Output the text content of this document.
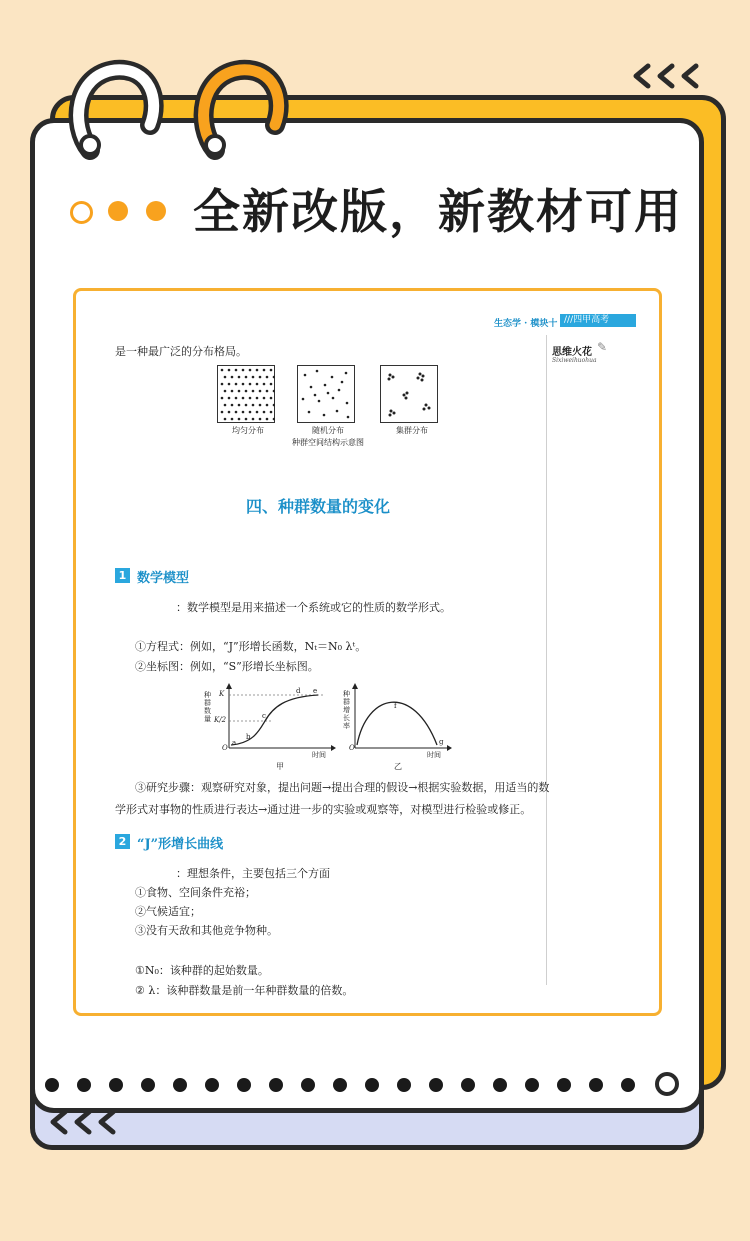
全新改版，新教材可用
生态学 · 模块十 ///四甲高考
思维火花
Sixiweihuohua
✎
是一种最广泛的分布格局。
均匀分布	随机分布	集群分布
种群空间结构示意图
四、种群数量的变化
1 数学模型
：数学模型是用来描述一个系统或它的性质的数学形式。
①方程式：例如，“J”形增长函数，Nₜ＝N₀ λᵗ。
②坐标图：例如，“S”形增长坐标图。
种群数量
K
K/2
O
a
b
c
d e
时间
甲
种群增长率
O
f
g
时间
乙
③研究步骤：观察研究对象，提出问题→提出合理的假设→根据实验数据，用适当的数
学形式对事物的性质进行表达→通过进一步的实验或观察等，对模型进行检验或修正。
2 “J”形增长曲线
：理想条件，主要包括三个方面
①食物、空间条件充裕；
②气候适宜；
③没有天敌和其他竞争物种。
①N₀：该种群的起始数量。
② λ：该种群数量是前一年种群数量的倍数。
